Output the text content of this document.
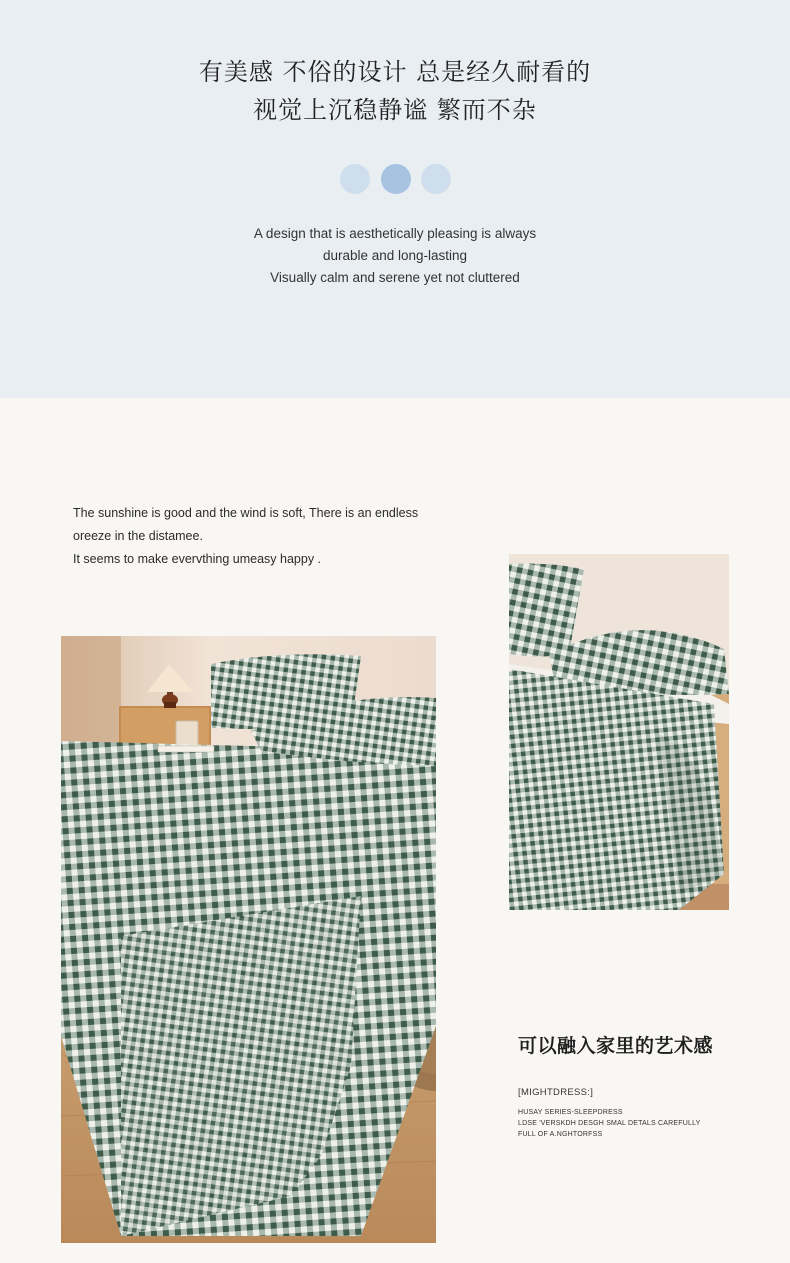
有美感 不俗的设计 总是经久耐看的
视觉上沉稳静谧 繁而不杂
A design that is aesthetically pleasing is always
durable and long-lasting
Visually calm and serene yet not cluttered
The sunshine is good and the wind is soft, There is an endless
oreeze in the distamee.
It seems to make evervthing umeasy happy .
可以融入家里的艺术感
[MIGHTDRESS:]
HUSAY SERIES-SLEEPDRESS
LDSE 'VERSKDH DESGH SMAL DETALS CAREFULLY
FULL OF A.NGHTORFSS
